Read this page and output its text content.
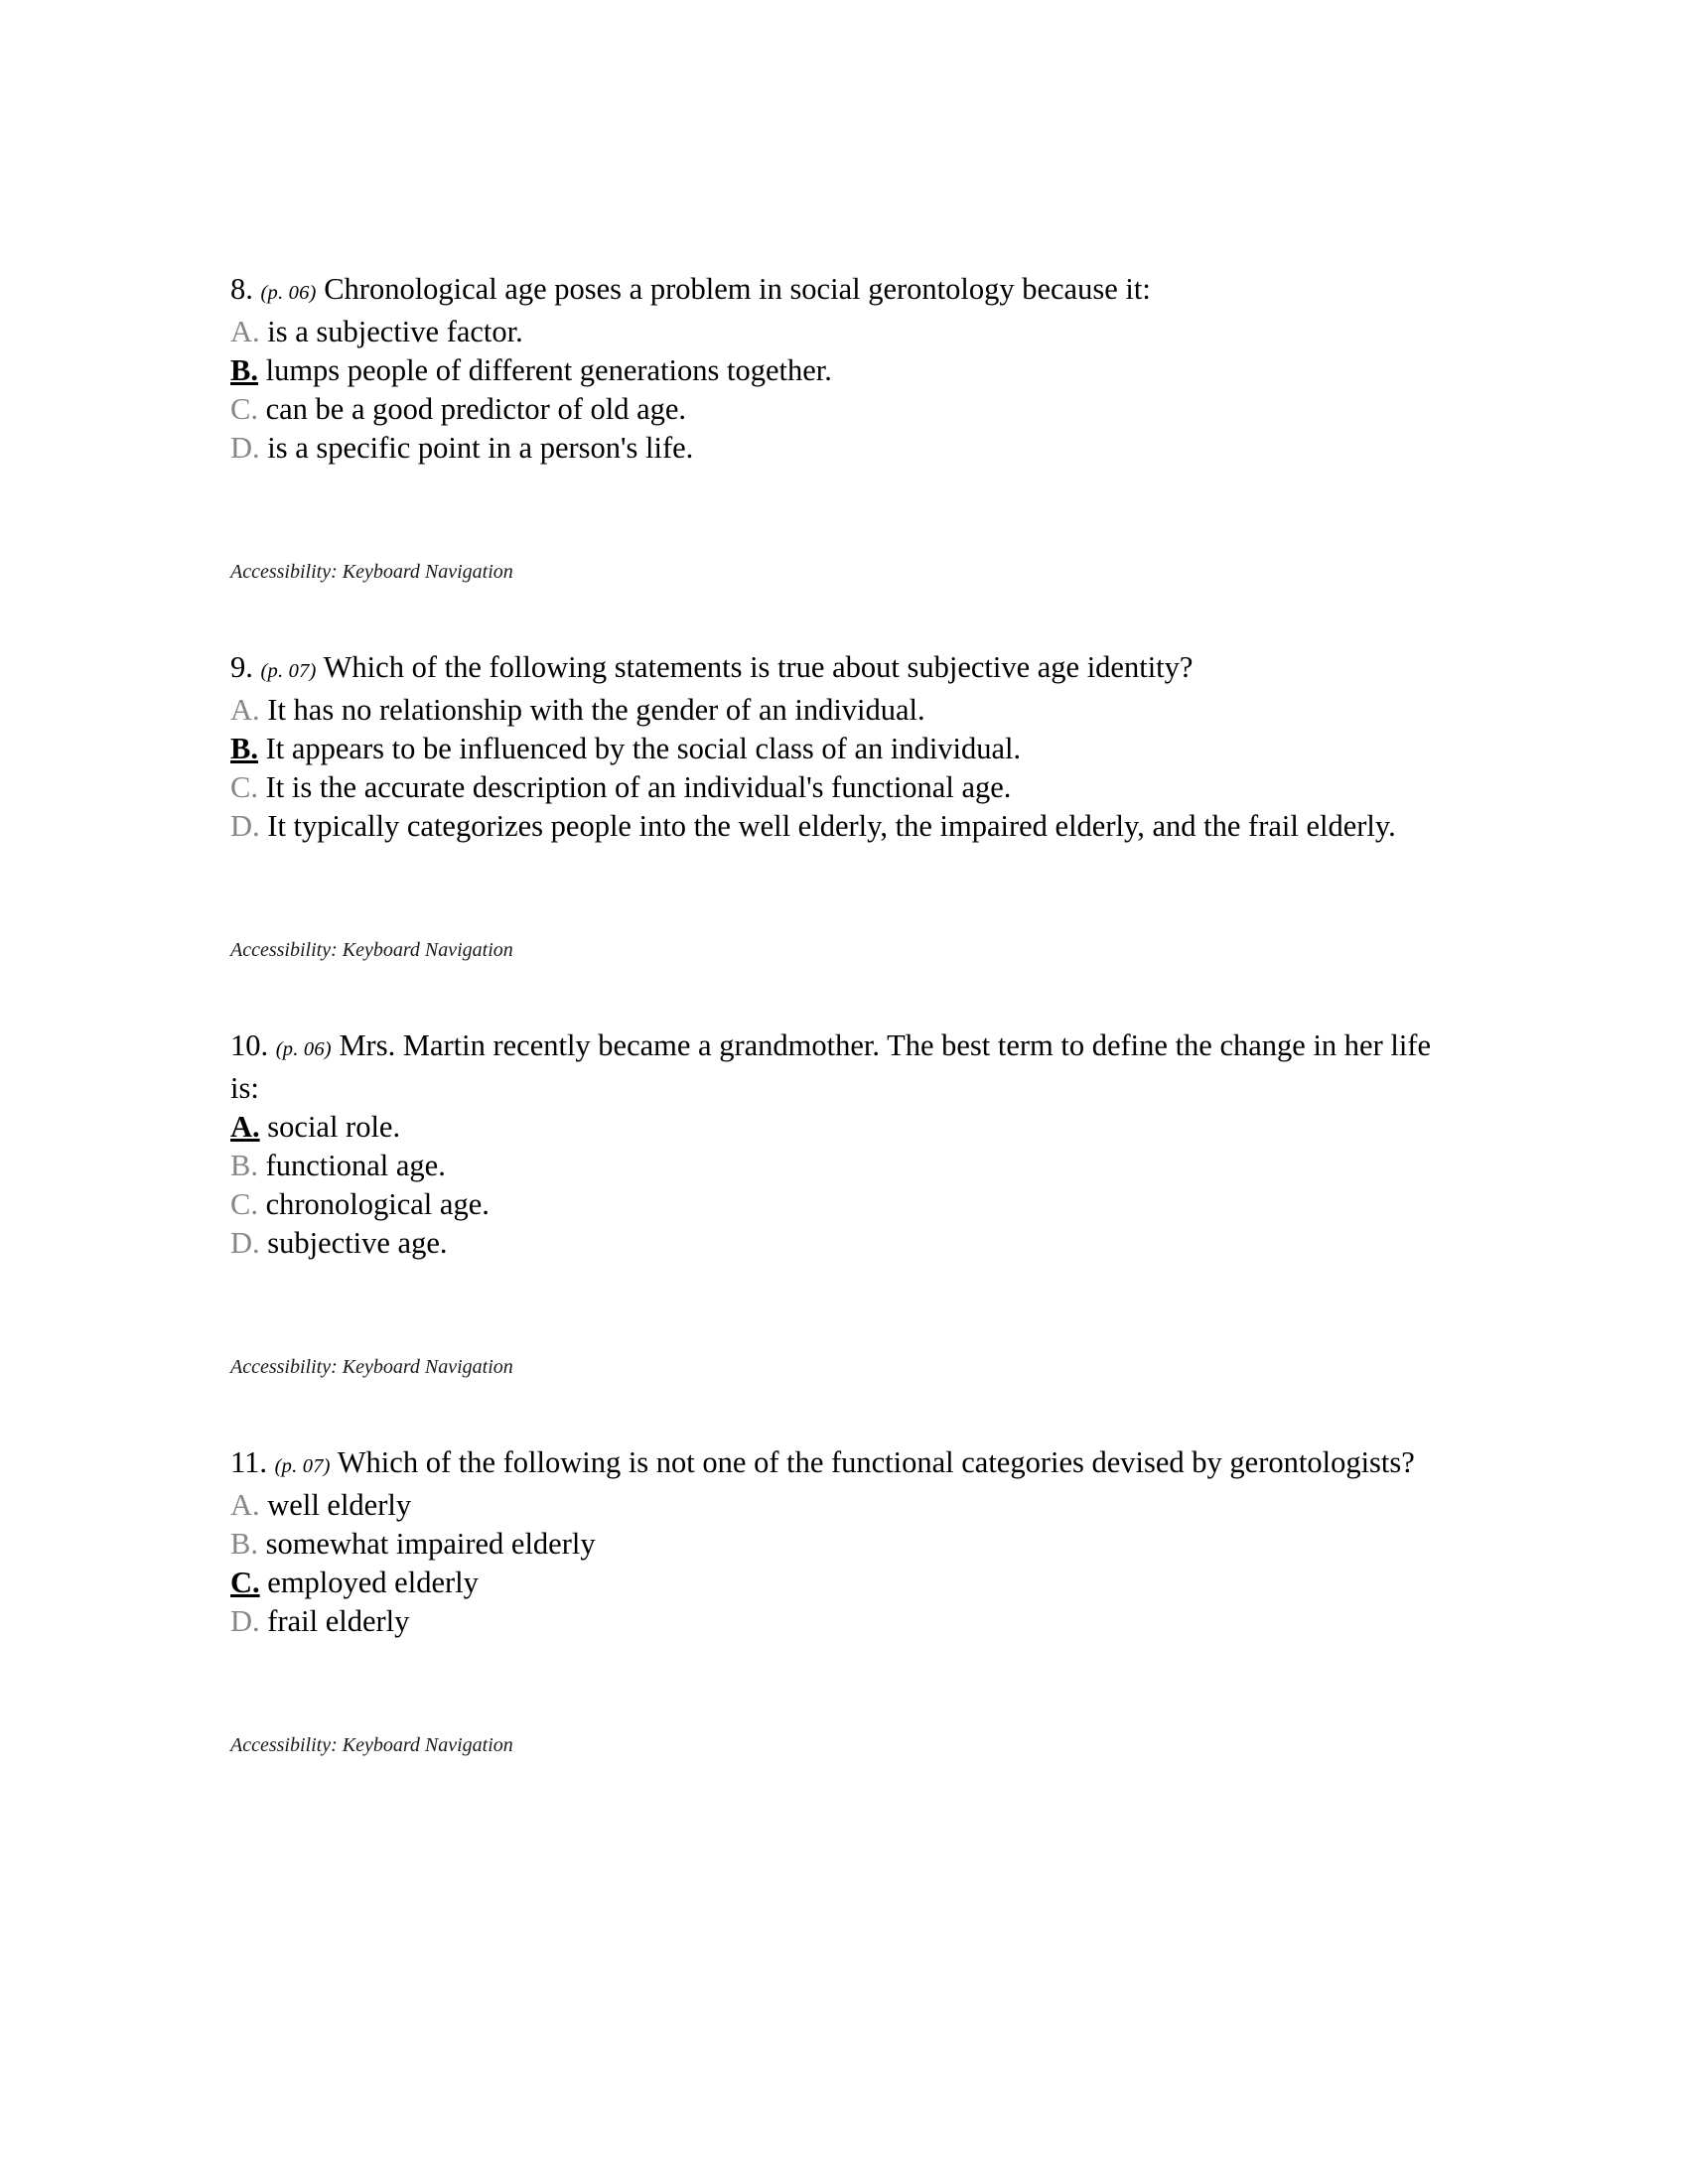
8. (p. 06) Chronological age poses a problem in social gerontology because it:
A. is a subjective factor.
B. lumps people of different generations together.
C. can be a good predictor of old age.
D. is a specific point in a person's life.
Accessibility: Keyboard Navigation
9. (p. 07) Which of the following statements is true about subjective age identity?
A. It has no relationship with the gender of an individual.
B. It appears to be influenced by the social class of an individual.
C. It is the accurate description of an individual's functional age.
D. It typically categorizes people into the well elderly, the impaired elderly, and the frail elderly.
Accessibility: Keyboard Navigation
10. (p. 06) Mrs. Martin recently became a grandmother. The best term to define the change in her life is:
A. social role.
B. functional age.
C. chronological age.
D. subjective age.
Accessibility: Keyboard Navigation
11. (p. 07) Which of the following is not one of the functional categories devised by gerontologists?
A. well elderly
B. somewhat impaired elderly
C. employed elderly
D. frail elderly
Accessibility: Keyboard Navigation
